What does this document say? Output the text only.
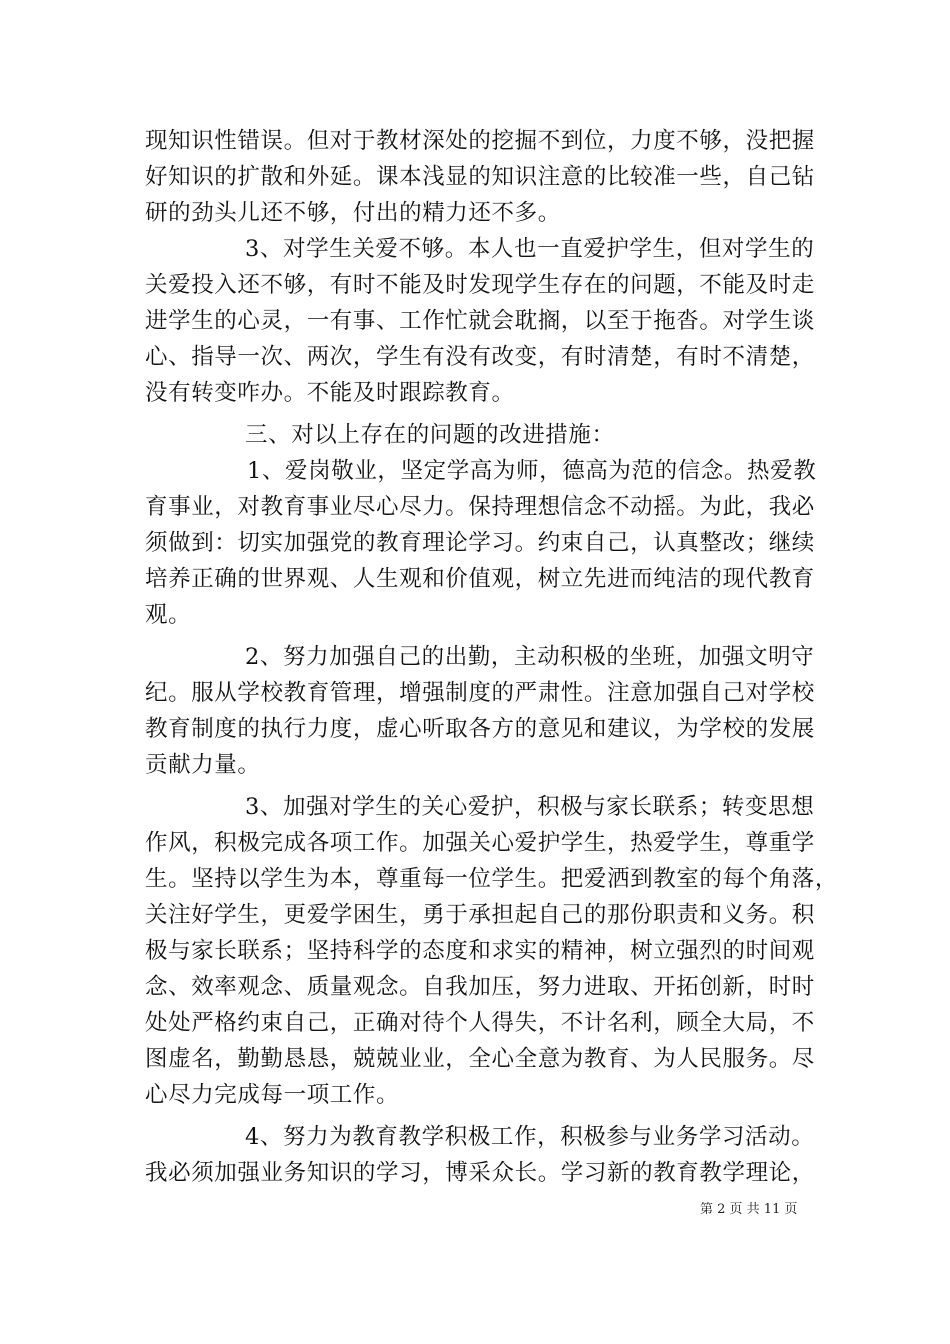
现知识性错误。但对于教材深处的挖掘不到位，力度不够，没把握
好知识的扩散和外延。课本浅显的知识注意的比较准一些，自己钻
研的劲头儿还不够，付出的精力还不多。
3、对学生关爱不够。本人也一直爱护学生，但对学生的
关爱投入还不够，有时不能及时发现学生存在的问题，不能及时走
进学生的心灵，一有事、工作忙就会耽搁，以至于拖沓。对学生谈
心、指导一次、两次，学生有没有改变，有时清楚，有时不清楚，
没有转变咋办。不能及时跟踪教育。
三、对以上存在的问题的改进措施：
1、爱岗敬业，坚定学高为师，德高为范的信念。热爱教
育事业，对教育事业尽心尽力。保持理想信念不动摇。为此，我必
须做到：切实加强党的教育理论学习。约束自己，认真整改；继续
培养正确的世界观、人生观和价值观，树立先进而纯洁的现代教育
观。
2、努力加强自己的出勤，主动积极的坐班，加强文明守
纪。服从学校教育管理，增强制度的严肃性。注意加强自己对学校
教育制度的执行力度，虚心听取各方的意见和建议，为学校的发展
贡献力量。
3、加强对学生的关心爱护，积极与家长联系；转变思想
作风，积极完成各项工作。加强关心爱护学生，热爱学生，尊重学
生。坚持以学生为本，尊重每一位学生。把爱洒到教室的每个角落，
关注好学生，更爱学困生，勇于承担起自己的那份职责和义务。积
极与家长联系；坚持科学的态度和求实的精神，树立强烈的时间观
念、效率观念、质量观念。自我加压，努力进取、开拓创新，时时
处处严格约束自己，正确对待个人得失，不计名利，顾全大局，不
图虚名，勤勤恳恳，兢兢业业，全心全意为教育、为人民服务。尽
心尽力完成每一项工作。
4、努力为教育教学积极工作，积极参与业务学习活动。
我必须加强业务知识的学习，博采众长。学习新的教育教学理论，
第 2 页 共 11 页
